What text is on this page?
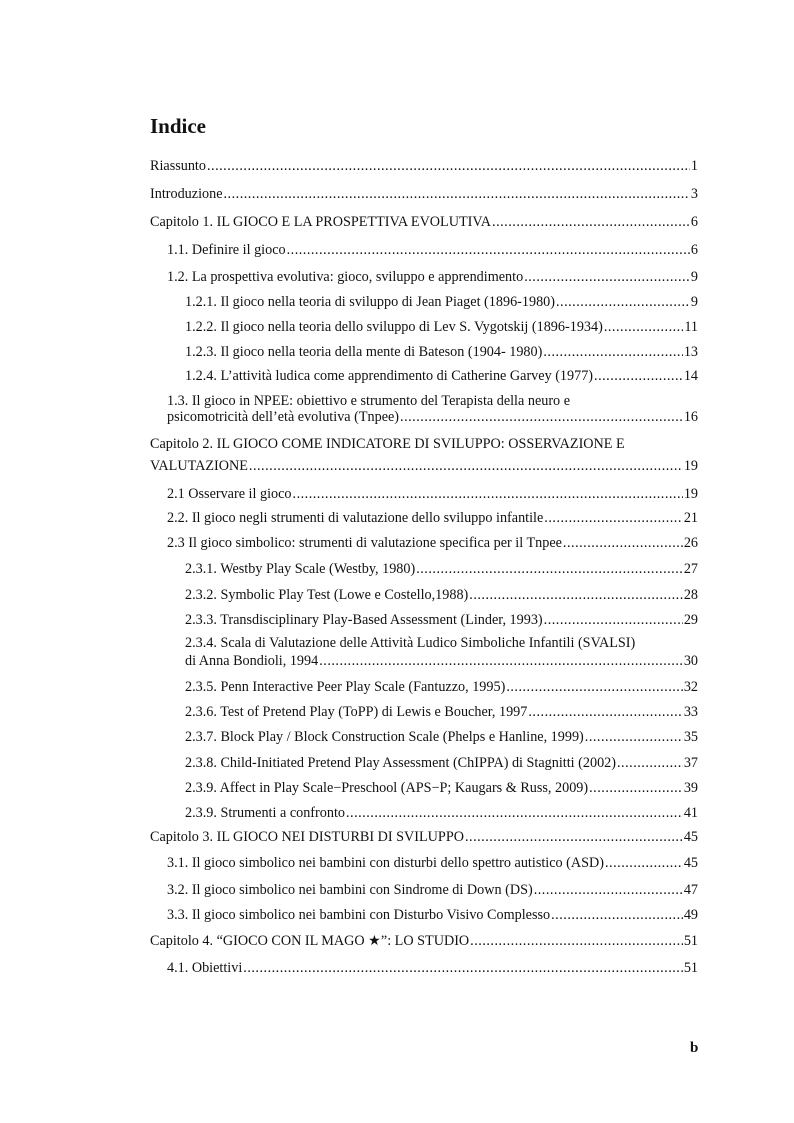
Indice
Riassunto .....	1
Introduzione .....	3
Capitolo 1. IL GIOCO E LA PROSPETTIVA EVOLUTIVA .....	6
1.1. Definire il gioco .....	6
1.2. La prospettiva evolutiva: gioco, sviluppo e apprendimento .....	9
1.2.1. Il gioco nella teoria di sviluppo di Jean Piaget (1896-1980) .....	9
1.2.2. Il gioco nella teoria dello sviluppo di Lev S. Vygotskij (1896-1934) .....	11
1.2.3. Il gioco nella teoria della mente di Bateson (1904- 1980) .....	13
1.2.4. L’attività ludica come apprendimento di Catherine Garvey (1977) .....	14
1.3. Il gioco in NPEE: obiettivo e strumento del Terapista della neuro e
psicomotricità dell’età evolutiva (Tnpee) .....	16
Capitolo 2. IL GIOCO COME INDICATORE DI SVILUPPO: OSSERVAZIONE E
VALUTAZIONE .....	19
2.1 Osservare il gioco .....	19
2.2. Il gioco negli strumenti di valutazione dello sviluppo infantile .....	21
2.3 Il gioco simbolico: strumenti di valutazione specifica per il Tnpee .....	26
2.3.1. Westby Play Scale (Westby, 1980) .....	27
2.3.2. Symbolic Play Test (Lowe e Costello,1988) .....	28
2.3.3. Transdisciplinary Play-Based Assessment (Linder, 1993) .....	29
2.3.4. Scala di Valutazione delle Attività Ludico Simboliche Infantili (SVALSI)
di Anna Bondioli, 1994 .....	30
2.3.5. Penn Interactive Peer Play Scale (Fantuzzo, 1995) .....	32
2.3.6. Test of Pretend Play (ToPP) di Lewis e Boucher, 1997 .....	33
2.3.7. Block Play / Block Construction Scale (Phelps e Hanline, 1999) .....	35
2.3.8. Child-Initiated Pretend Play Assessment (ChIPPA) di Stagnitti (2002) .....	37
2.3.9. Affect in Play Scale−Preschool (APS−P; Kaugars & Russ, 2009) .....	39
2.3.9. Strumenti a confronto .....	41
Capitolo 3. IL GIOCO NEI DISTURBI DI SVILUPPO .....	45
3.1. Il gioco simbolico nei bambini con disturbi dello spettro autistico (ASD) .....	45
3.2. Il gioco simbolico nei bambini con Sindrome di Down (DS) .....	47
3.3. Il gioco simbolico nei bambini con Disturbo Visivo Complesso .....	49
Capitolo 4. “GIOCO CON IL MAGO ★”: LO STUDIO .....	51
4.1. Obiettivi .....	51
b
